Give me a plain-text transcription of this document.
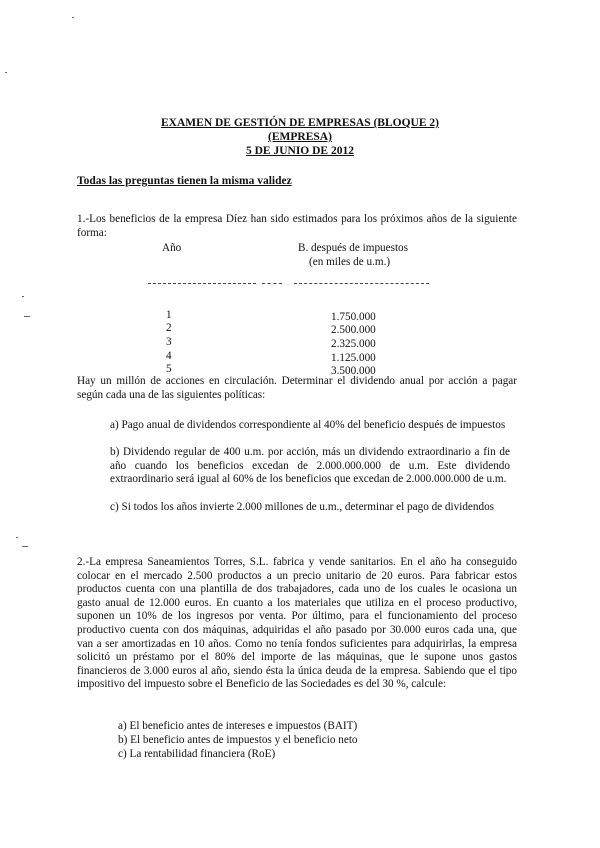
EXAMEN DE GESTIÓN DE EMPRESAS (BLOQUE 2)
(EMPRESA)
5 DE JUNIO DE 2012
Todas las preguntas tienen la misma validez
1.-Los beneficios de la empresa Díez han sido estimados para los próximos años de la siguiente forma:
Año	B. después de impuestos
(en miles de u.m.)
1	1.750.000
2	2.500.000
3	2.325.000
4	1.125.000
5	3.500.000
Hay un millón de acciones en circulación. Determinar el dividendo anual por acción a pagar según cada una de las siguientes políticas:
a) Pago anual de dividendos correspondiente al 40% del beneficio después de impuestos
b) Dividendo regular de 400 u.m. por acción, más un dividendo extraordinario a fin de año cuando los beneficios excedan de 2.000.000.000 de u.m. Este dividendo extraordinario será igual al 60% de los beneficios que excedan de 2.000.000.000 de u.m.
c) Si todos los años invierte 2.000 millones de u.m., determinar el pago de dividendos
2.-La empresa Saneamientos Torres, S.L. fabrica y vende sanitarios. En el año ha conseguido colocar en el mercado 2.500 productos a un precio unitario de 20 euros. Para fabricar estos productos cuenta con una plantilla de dos trabajadores, cada uno de los cuales le ocasiona un gasto anual de 12.000 euros. En cuanto a los materiales que utiliza en el proceso productivo, suponen un 10% de los ingresos por venta. Por último, para el funcionamiento del proceso productivo cuenta con dos máquinas, adquiridas el año pasado por 30.000 euros cada una, que van a ser amortizadas en 10 años. Como no tenía fondos suficientes para adquirirlas, la empresa solicitó un préstamo por el 80% del importe de las máquinas, que le supone unos gastos financieros de 3.000 euros al año, siendo ésta la única deuda de la empresa. Sabiendo que el tipo impositivo del impuesto sobre el Beneficio de las Sociedades es del 30 %, calcule:
a) El beneficio antes de intereses e impuestos (BAIT)
b) El beneficio antes de impuestos y el beneficio neto
c) La rentabilidad financiera (RoE)
